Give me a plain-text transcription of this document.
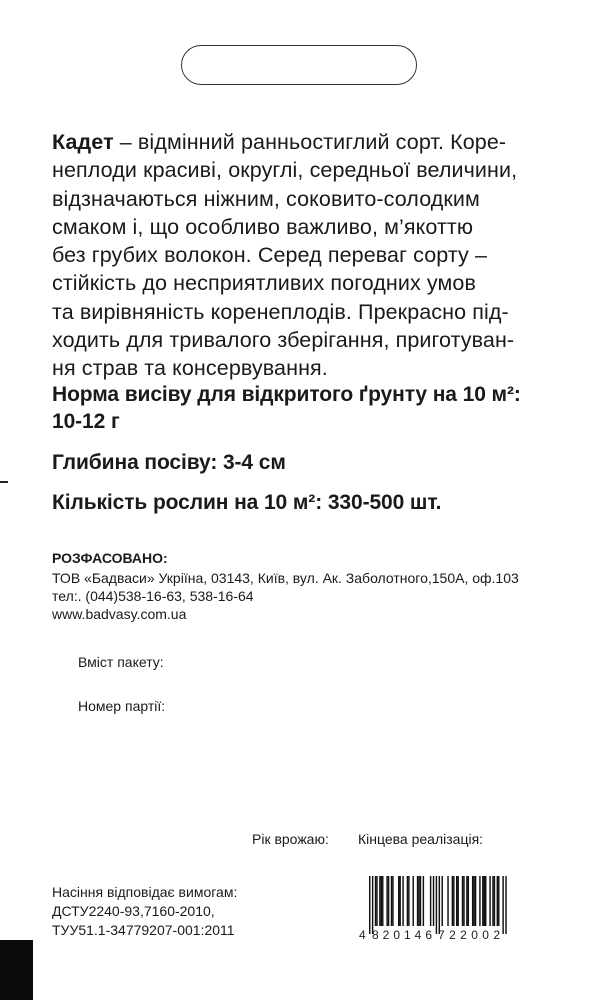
Кадет – відмінний ранньостиглий сорт. Коре-
неплоди красиві, округлі, середньої величини,
відзначаються ніжним, соковито-солодким
смаком і, що особливо важливо, м’якоттю
без грубих волокон. Серед переваг сорту –
стійкість до несприятливих погодних умов
та вирівняність коренеплодів. Прекрасно під-
ходить для тривалого зберігання, приготуван-
ня страв та консервування.
Норма висіву для відкритого ґрунту на 10 м²:
10-12 г
Глибина посіву: 3-4 см
Кількість рослин на 10 м²: 330-500 шт.
РОЗФАСОВАНО:
ТОВ «Бадваси» Укріїна, 03143, Київ, вул. Ак. Заболотного,150А, оф.103
тел:. (044)538-16-63, 538-16-64
www.badvasy.com.ua
Вміст пакету:
Номер партії:
Рік врожаю: Кінцева реалізація:
Насіння відповідає вимогам:
ДСТУ2240-93,7160-2010,
ТУУ51.1-34779207-001:2011	4 820146 722002
